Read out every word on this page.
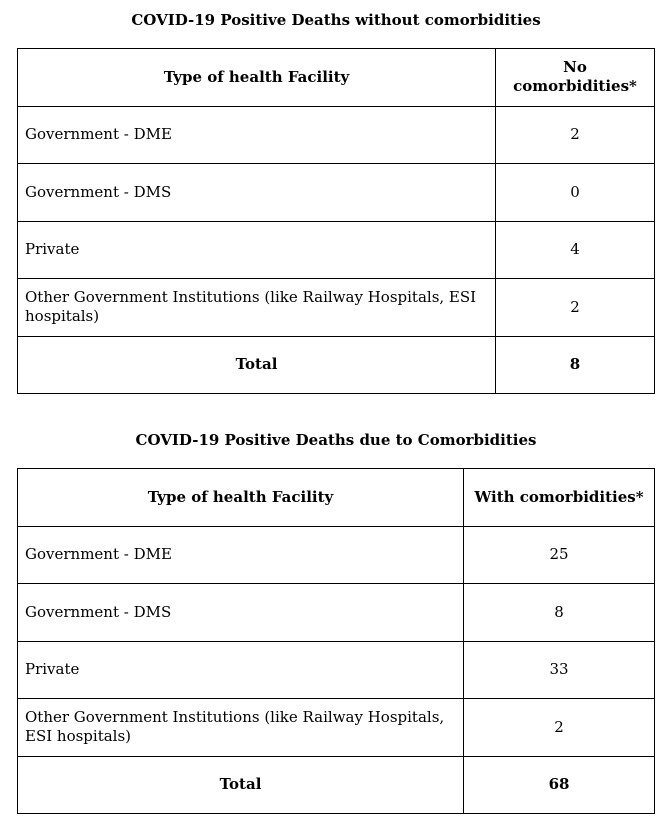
COVID-19 Positive Deaths without comorbidities
Type of health Facility	No comorbidities*
Government - DME	2
Government - DMS	0
Private	4
Other Government Institutions (like Railway Hospitals, ESI hospitals)	2
Total	8
COVID-19 Positive Deaths due to Comorbidities
Type of health Facility	With comorbidities*
Government - DME	25
Government - DMS	8
Private	33
Other Government Institutions (like Railway Hospitals, ESI hospitals)	2
Total	68
